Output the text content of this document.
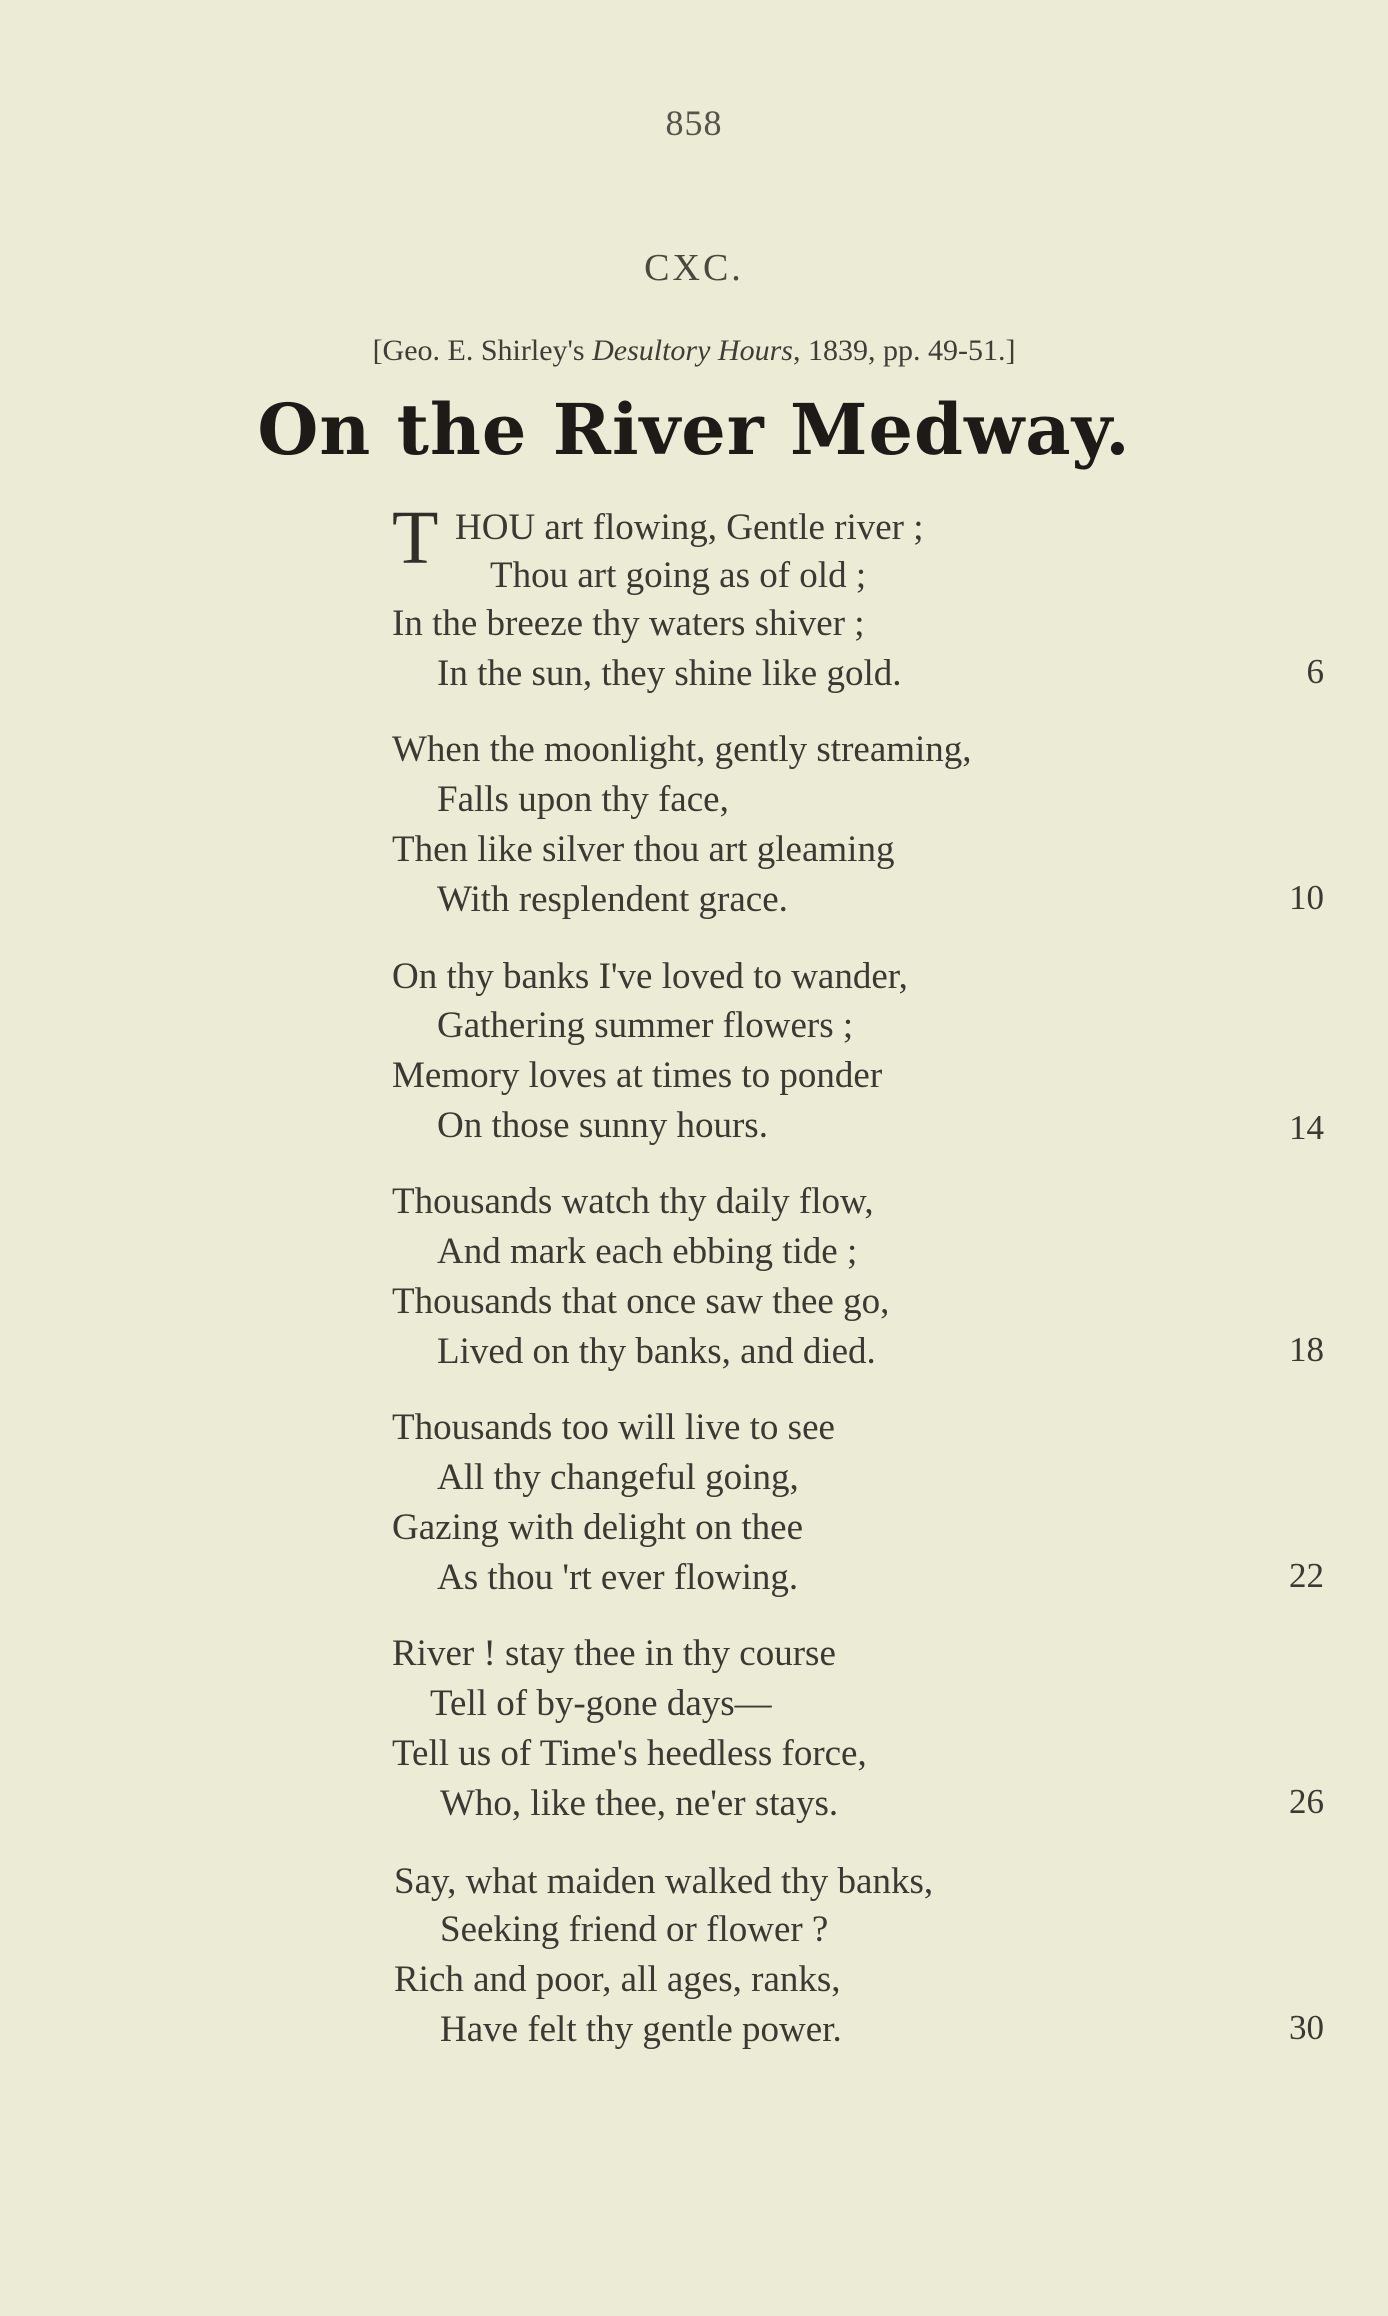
858
CXC.
[Geo. E. Shirley's Desultory Hours, 1839, pp. 49-51.]
On the River Medway.
T HOU art flowing, Gentle river ;
Thou art going as of old ;
In the breeze thy waters shiver ;
In the sun, they shine like gold.	6
When the moonlight, gently streaming,
Falls upon thy face,
Then like silver thou art gleaming
With resplendent grace.	10
On thy banks I've loved to wander,
Gathering summer flowers ;
Memory loves at times to ponder
On those sunny hours.	14
Thousands watch thy daily flow,
And mark each ebbing tide ;
Thousands that once saw thee go,
Lived on thy banks, and died.	18
Thousands too will live to see
All thy changeful going,
Gazing with delight on thee
As thou 'rt ever flowing.	22
River ! stay thee in thy course
Tell of by-gone days—
Tell us of Time's heedless force,
Who, like thee, ne'er stays.	26
Say, what maiden walked thy banks,
Seeking friend or flower ?
Rich and poor, all ages, ranks,
Have felt thy gentle power.	30
